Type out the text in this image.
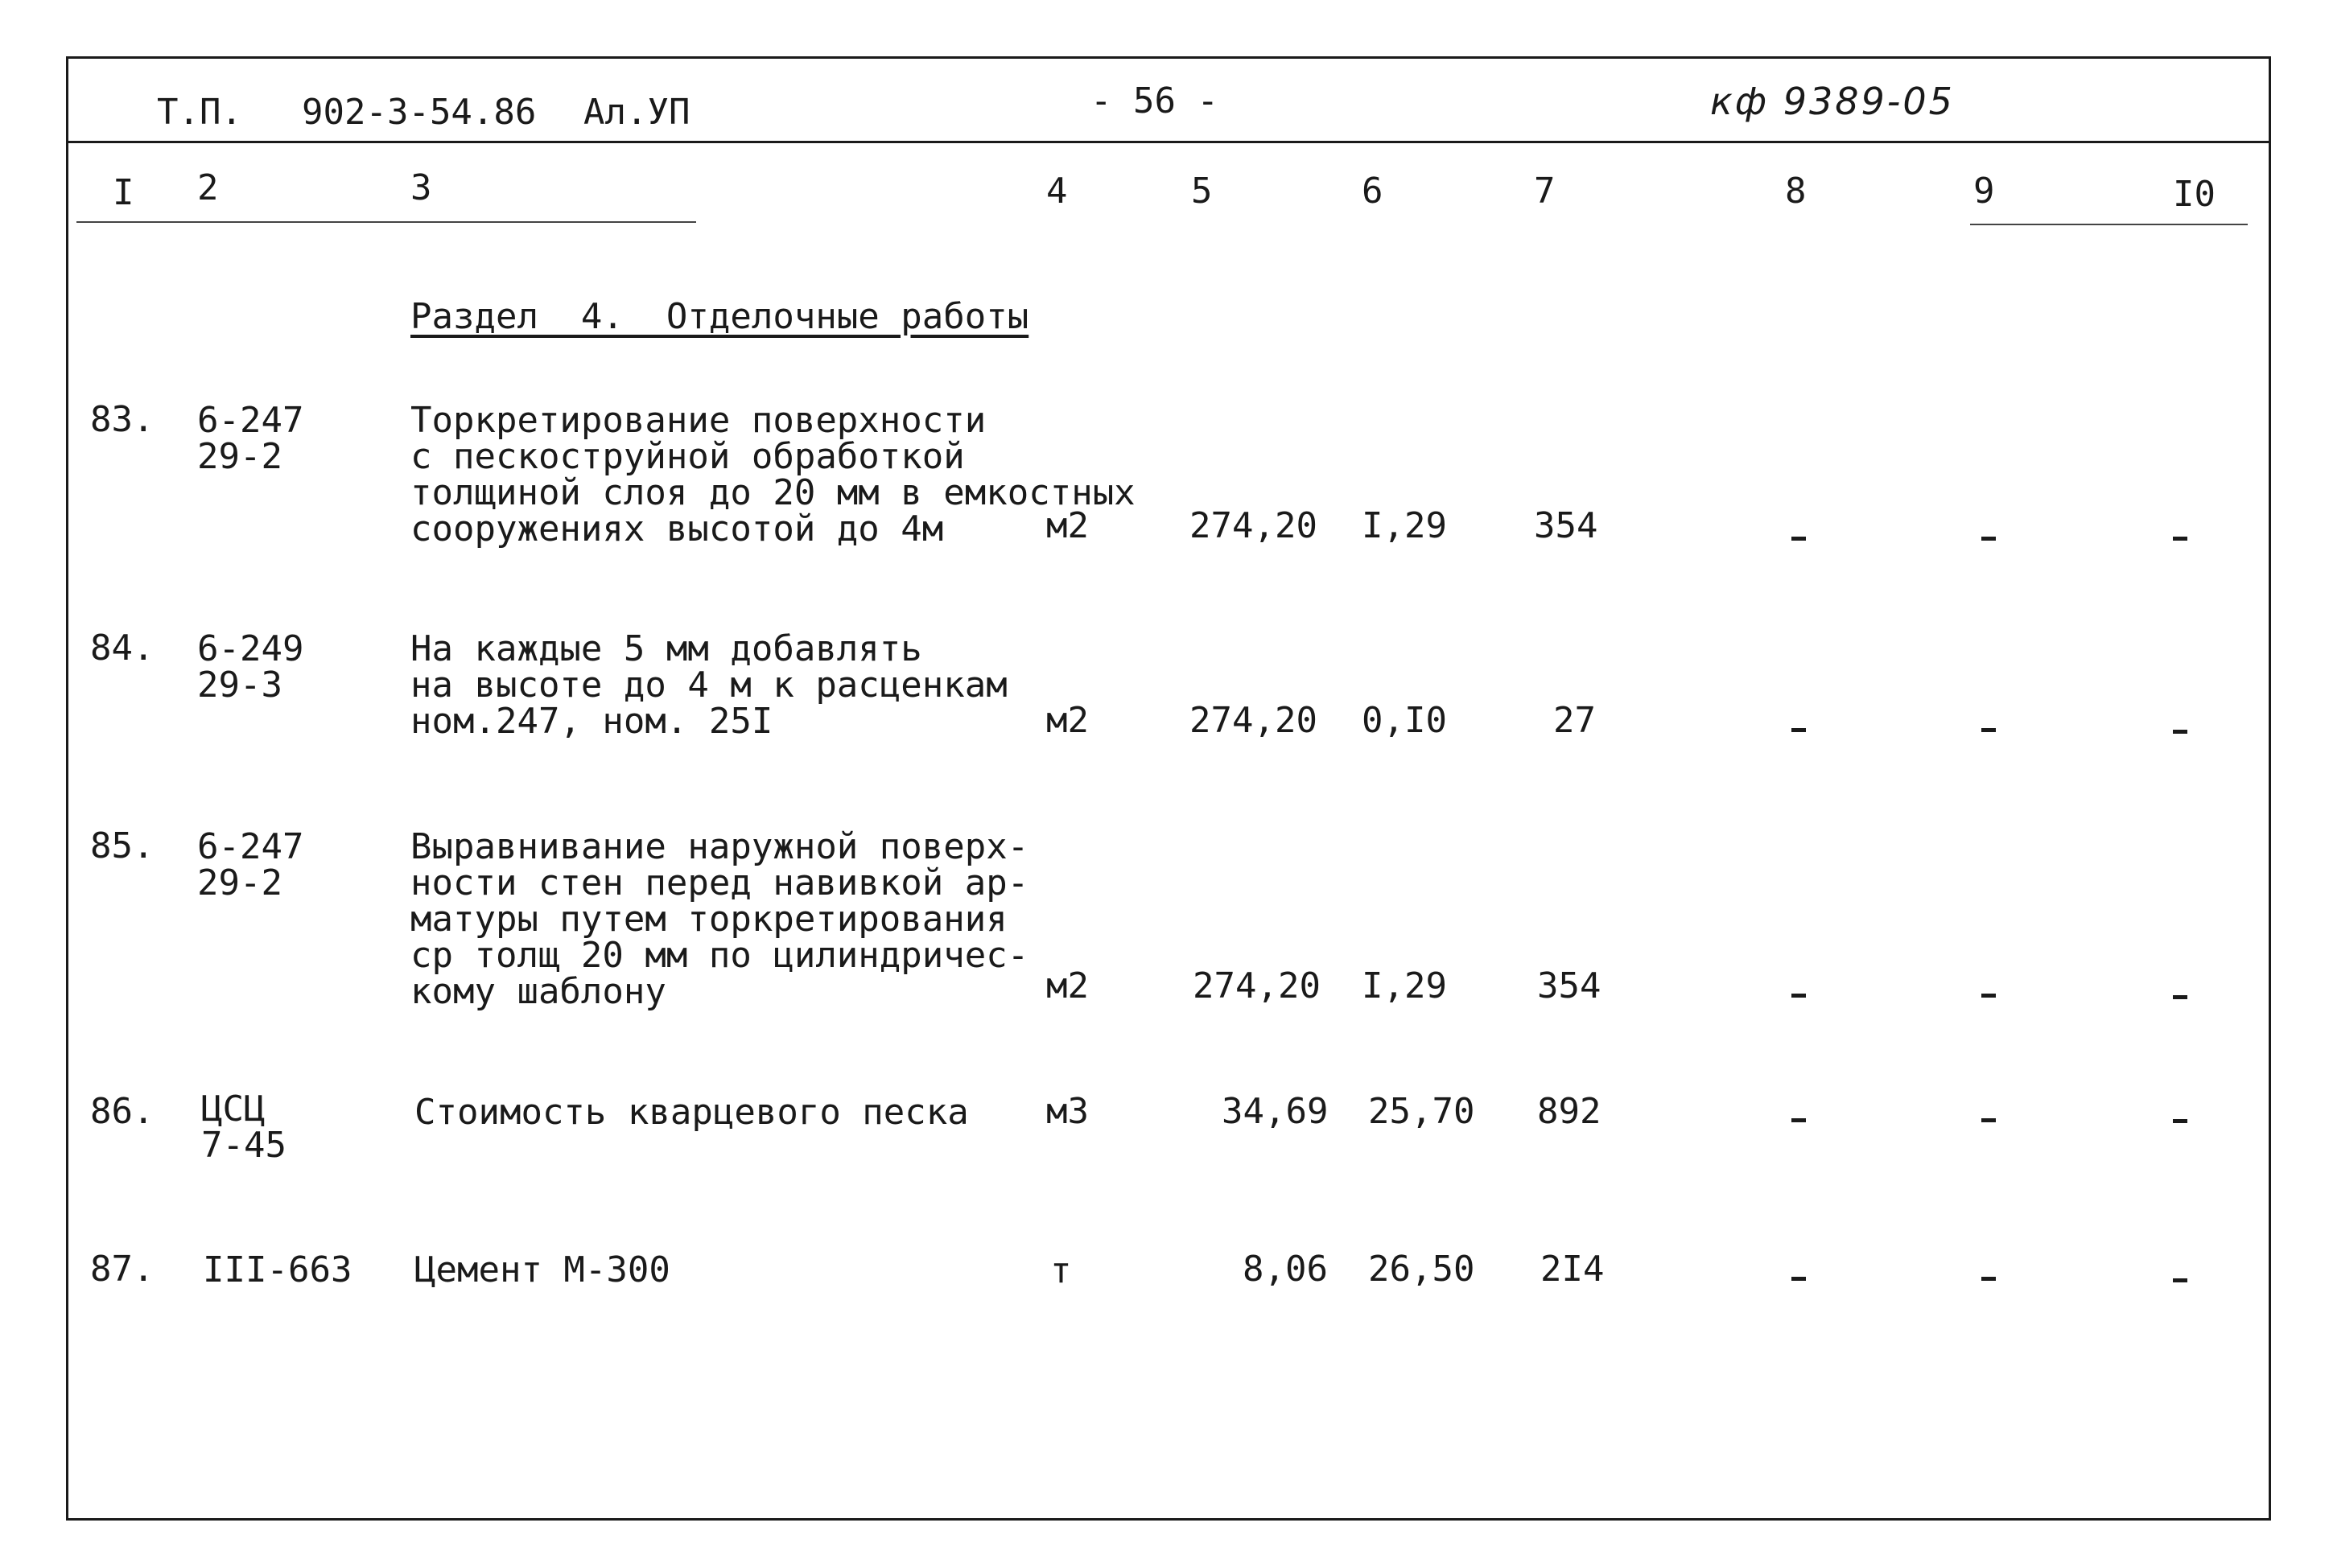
Т.П. 902-3-54.86 Ал.УП	- 56 -	кф 9389-05
I 2	3	4	5	6	7	8	9	I0
Раздел  4.  Отделочные работы
83. 6-247
29-2
Торкретирование поверхности
с пескоструйной обработкой
толщиной слоя до 20 мм в емкостных
сооружениях высотой до 4м	м2	274,20 I,29 354
84. 6-249
29-3
На каждые 5 мм добавлять
на высоте до 4 м к расценкам
ном.247, ном. 25I	м2	274,20 0,I0	27
85. 6-247
29-2
Выравнивание наружной поверх-
ности стен перед навивкой ар-
матуры путем торкретирования
ср толщ 20 мм по цилиндричес-
кому шаблону	м2	274,20 I,29	354
86. ЦСЦ
7-45
Стоимость кварцевого песка м3	34,69 25,70 892
87. III-663 Цемент М-300	т	8,06 26,50 2I4
